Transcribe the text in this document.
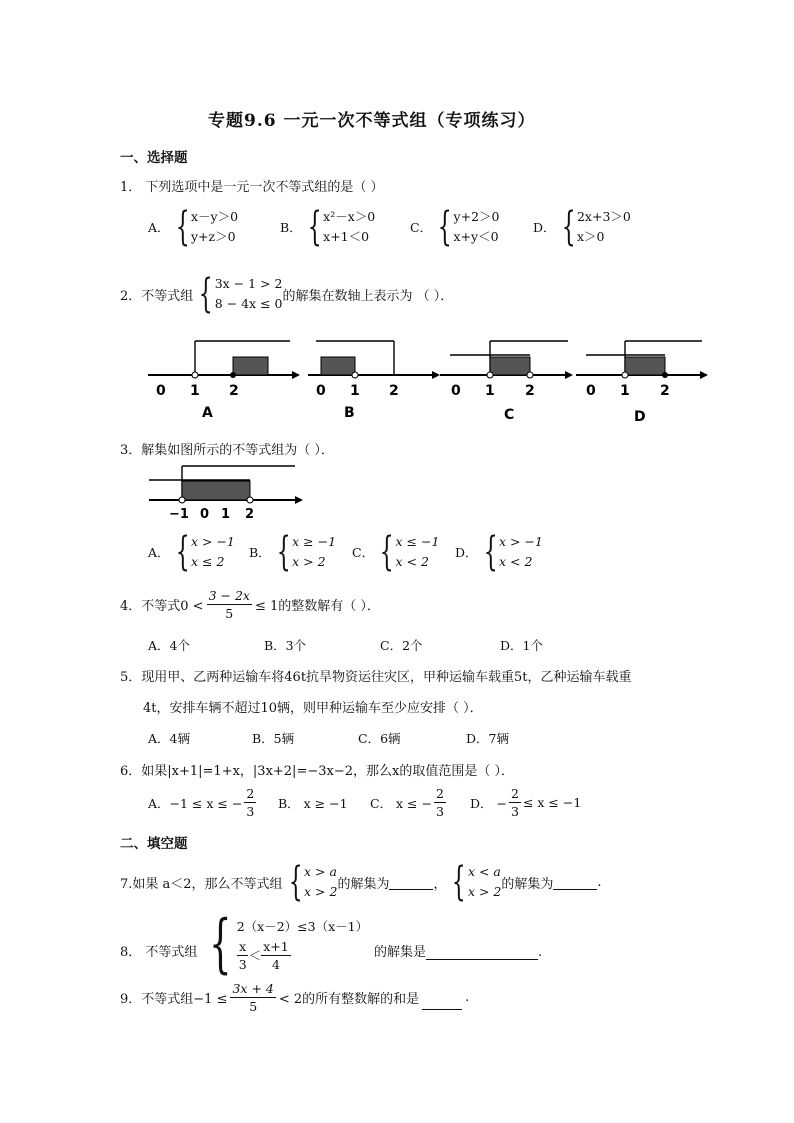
专题9.6 一元一次不等式组（专项练习）
一、选择题
1． 下列选项中是一元一次不等式组的是（ ）
A． { x－y＞0
y+z＞0
B． { x²－x＞0
x+1＜0
C． { y+2＞0
x+y＜0
D． { 2x+3＞0
x＞0
2．不等式组 { 3x − 1 > 2
8 − 4x ≤ 0 的解集在数轴上表示为 （ ）．
0 1 2
A
0 1 2
B
0 1 2
C
0 1 2
D
3．解集如图所示的不等式组为（ ）．
−1 0 1 2
A． { x > −1
x ≤ 2
B． { x ≥ −1
x > 2
C． { x ≤ −1
x < 2
D． { x > −1
x < 2
4．不等式$0 < \frac{3 - 2x}{5} \le 1$的整数解有（ ）．
A．4个	B．3个	C．2个	D．1个
5．现用甲、乙两种运输车将46t抗旱物资运往灾区，甲种运输车载重5t，乙种运输车载重
4t，安排车辆不超过10辆，则甲种运输车至少应安排（ ）．
A．4辆	B．5辆	C．6辆	D．7辆
6．如果|x+1|=1+x，|3x+2|=−3x−2，那么x的取值范围是（ ）．
A．−1 ≤ x ≤ − $\frac{2}{3}$ B． x ≥ −1 C． x ≤ − $\frac{2}{3}$ D． − $\frac{2}{3} \le x \le -1$
二、填空题
7.如果 a＜2，那么不等式组 { x > a
x > 2 的解集为	， { x < a
x > 2 的解集为	.
8． 不等式组 { 2（x－2）≤3（x－1）
$\frac{x}{3} < \frac{x+1}{4}$	的解集是	.
9．不等式组$-1 \le \frac{3x + 4}{5} < 2$的所有整数解的和是	.
